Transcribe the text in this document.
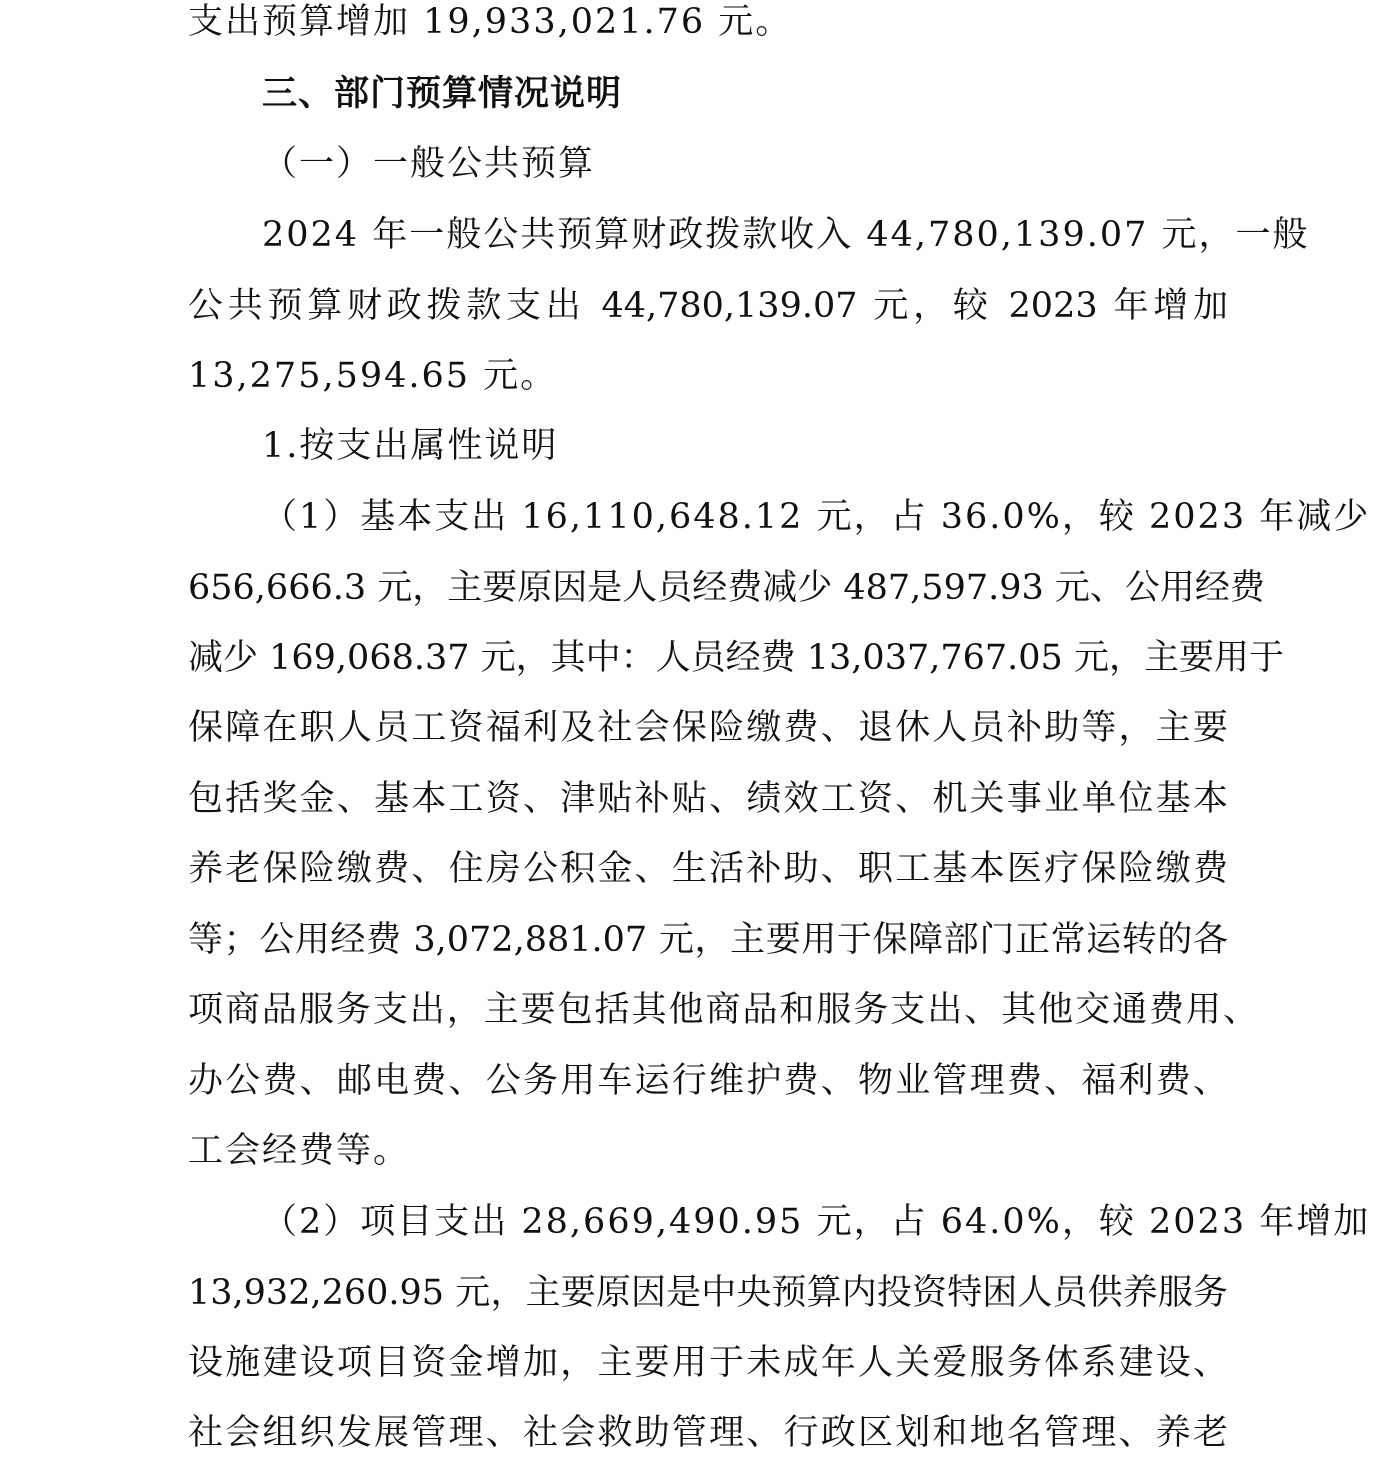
支出预算增加 19,933,021.76 元。
三、部门预算情况说明
（一）一般公共预算
2024 年一般公共预算财政拨款收入 44,780,139.07 元，一般
公共预算财政拨款支出 44,780,139.07 元，较 2023 年增加
13,275,594.65 元。
1.按支出属性说明
（1）基本支出 16,110,648.12 元，占 36.0%，较 2023 年减少
656,666.3 元，主要原因是人员经费减少 487,597.93 元、公用经费
减少 169,068.37 元，其中：人员经费 13,037,767.05 元，主要用于
保障在职人员工资福利及社会保险缴费、退休人员补助等，主要
包括奖金、基本工资、津贴补贴、绩效工资、机关事业单位基本
养老保险缴费、住房公积金、生活补助、职工基本医疗保险缴费
等；公用经费 3,072,881.07 元，主要用于保障部门正常运转的各
项商品服务支出，主要包括其他商品和服务支出、其他交通费用、
办公费、邮电费、公务用车运行维护费、物业管理费、福利费、
工会经费等。
（2）项目支出 28,669,490.95 元，占 64.0%，较 2023 年增加
13,932,260.95 元，主要原因是中央预算内投资特困人员供养服务
设施建设项目资金增加，主要用于未成年人关爱服务体系建设、
社会组织发展管理、社会救助管理、行政区划和地名管理、养老
